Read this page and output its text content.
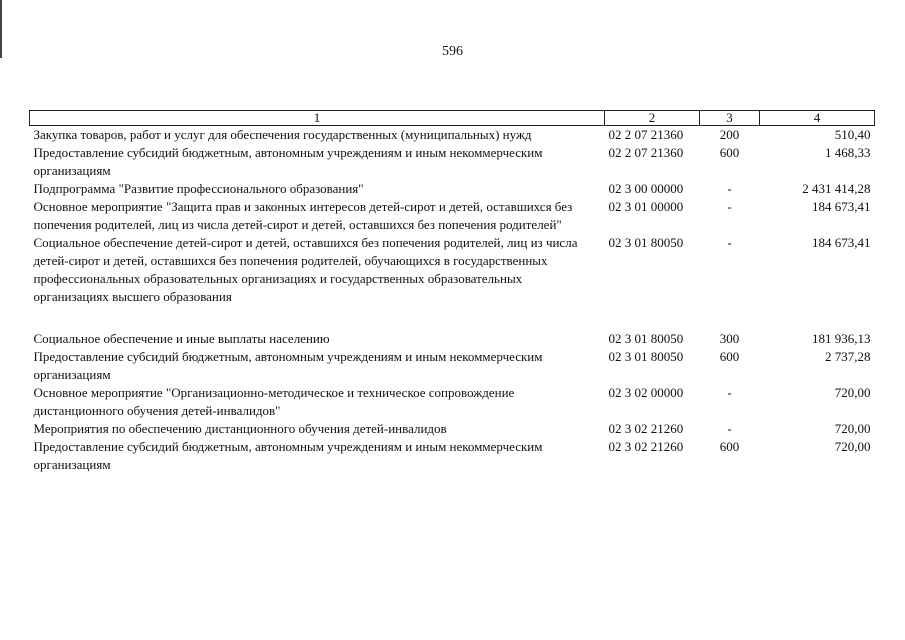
596
1	2	3	4
Закупка товаров, работ и услуг для обеспечения государственных (муниципальных) нужд	02 2 07 21360	200	510,40
Предоставление субсидий бюджетным, автономным учреждениям и иным некоммерческим организациям	02 2 07 21360	600	1 468,33
Подпрограмма "Развитие профессионального образования"	02 3 00 00000	-	2 431 414,28
Основное мероприятие "Защита прав и законных интересов детей-сирот и детей, оставшихся без попечения родителей, лиц из числа детей-сирот и детей, оставшихся без попечения родителей"	02 3 01 00000	-	184 673,41
Социальное обеспечение детей-сирот и детей, оставшихся без попечения родителей, лиц из числа детей-сирот и детей, оставшихся без попечения родителей, обучающихся в государственных профессиональных образовательных организациях и государственных образовательных организациях высшего образования	02 3 01 80050	-	184 673,41

Социальное обеспечение и иные выплаты населению	02 3 01 80050	300	181 936,13
Предоставление субсидий бюджетным, автономным учреждениям и иным некоммерческим организациям	02 3 01 80050	600	2 737,28
Основное мероприятие "Организационно-методическое и техническое сопровождение дистанционного обучения детей-инвалидов"	02 3 02 00000	-	720,00
Мероприятия по обеспечению дистанционного обучения детей-инвалидов	02 3 02 21260	-	720,00
Предоставление субсидий бюджетным, автономным учреждениям и иным некоммерческим организациям	02 3 02 21260	600	720,00
